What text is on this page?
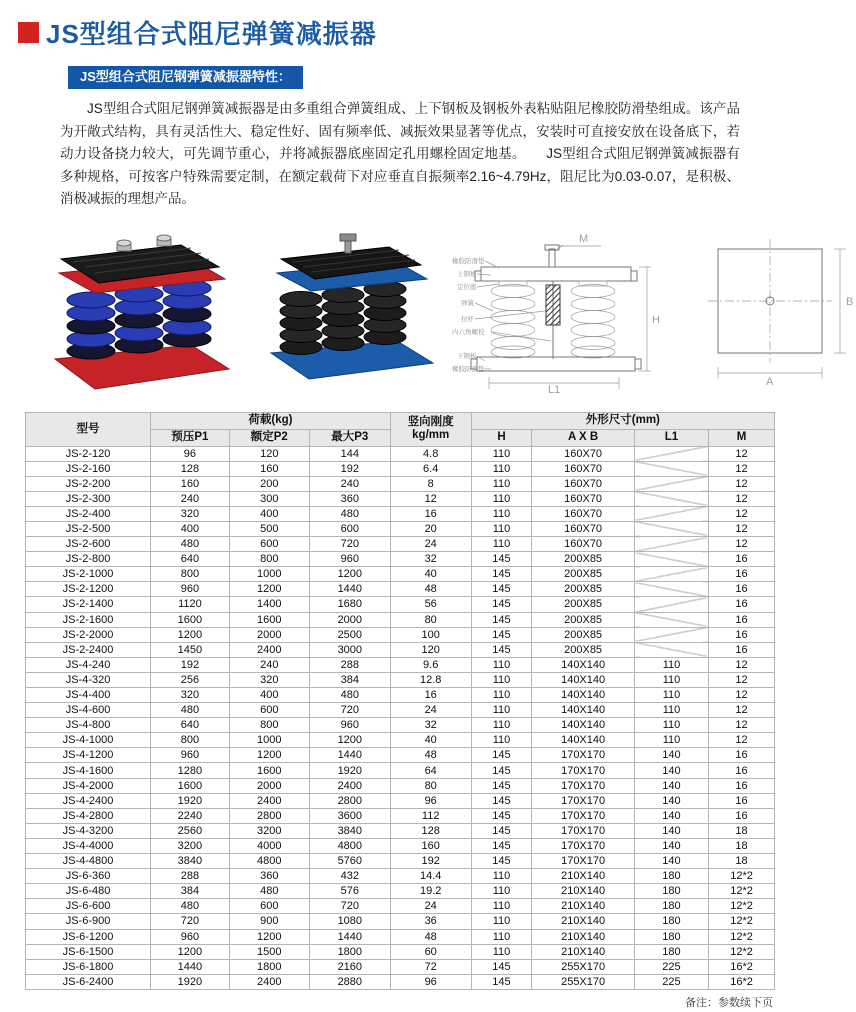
JS型组合式阻尼弹簧减振器
JS型组合式阻尼钢弹簧减振器特性：

JS型组合式阻尼钢弹簧减振器是由多重组合弹簧组成、上下钢板及钢板外表粘贴阻尼橡胶防滑垫组成。该产品为开敞式结构，具有灵活性大、稳定性好、固有频率低、减振效果显著等优点，安装时可直接安放在设备底下，若动力设备挠力较大，可先调节重心，并将减振器底座固定孔用螺栓固定地基。　　JS型组合式阻尼钢弹簧减振器有多种规格，可按客户特殊需要定制，在额定载荷下对应垂直自振频率2.16~4.79Hz，阻尼比为0.03-0.07，是积极、消极减振的理想产品。

M
H
L1
橡胶防滑垫
上钢板
定位座
弹簧
拉杆
内六角螺栓
下钢板
橡胶防滑垫
B
A
型号	荷载(kg)			竖向刚度
kg/mm	外形尺寸(mm)			
	预压P1	额定P2	最大P3		H	A X B	L1	M
JS-2-120	96	120	144	4.8	110	160X70		12
JS-2-160	128	160	192	6.4	110	160X70		12
JS-2-200	160	200	240	8	110	160X70		12
JS-2-300	240	300	360	12	110	160X70		12
JS-2-400	320	400	480	16	110	160X70		12
JS-2-500	400	500	600	20	110	160X70		12
JS-2-600	480	600	720	24	110	160X70		12
JS-2-800	640	800	960	32	145	200X85		16
JS-2-1000	800	1000	1200	40	145	200X85		16
JS-2-1200	960	1200	1440	48	145	200X85		16
JS-2-1400	1120	1400	1680	56	145	200X85		16
JS-2-1600	1600	1600	2000	80	145	200X85		16
JS-2-2000	1200	2000	2500	100	145	200X85		16
JS-2-2400	1450	2400	3000	120	145	200X85		16
JS-4-240	192	240	288	9.6	110	140X140	110	12
JS-4-320	256	320	384	12.8	110	140X140	110	12
JS-4-400	320	400	480	16	110	140X140	110	12
JS-4-600	480	600	720	24	110	140X140	110	12
JS-4-800	640	800	960	32	110	140X140	110	12
JS-4-1000	800	1000	1200	40	110	140X140	110	12
JS-4-1200	960	1200	1440	48	145	170X170	140	16
JS-4-1600	1280	1600	1920	64	145	170X170	140	16
JS-4-2000	1600	2000	2400	80	145	170X170	140	16
JS-4-2400	1920	2400	2800	96	145	170X170	140	16
JS-4-2800	2240	2800	3600	112	145	170X170	140	16
JS-4-3200	2560	3200	3840	128	145	170X170	140	18
JS-4-4000	3200	4000	4800	160	145	170X170	140	18
JS-4-4800	3840	4800	5760	192	145	170X170	140	18
JS-6-360	288	360	432	14.4	110	210X140	180	12*2
JS-6-480	384	480	576	19.2	110	210X140	180	12*2
JS-6-600	480	600	720	24	110	210X140	180	12*2
JS-6-900	720	900	1080	36	110	210X140	180	12*2
JS-6-1200	960	1200	1440	48	110	210X140	180	12*2
JS-6-1500	1200	1500	1800	60	110	210X140	180	12*2
JS-6-1800	1440	1800	2160	72	145	255X170	225	16*2
JS-6-2400	1920	2400	2880	96	145	255X170	225	16*2
备注：参数续下页
